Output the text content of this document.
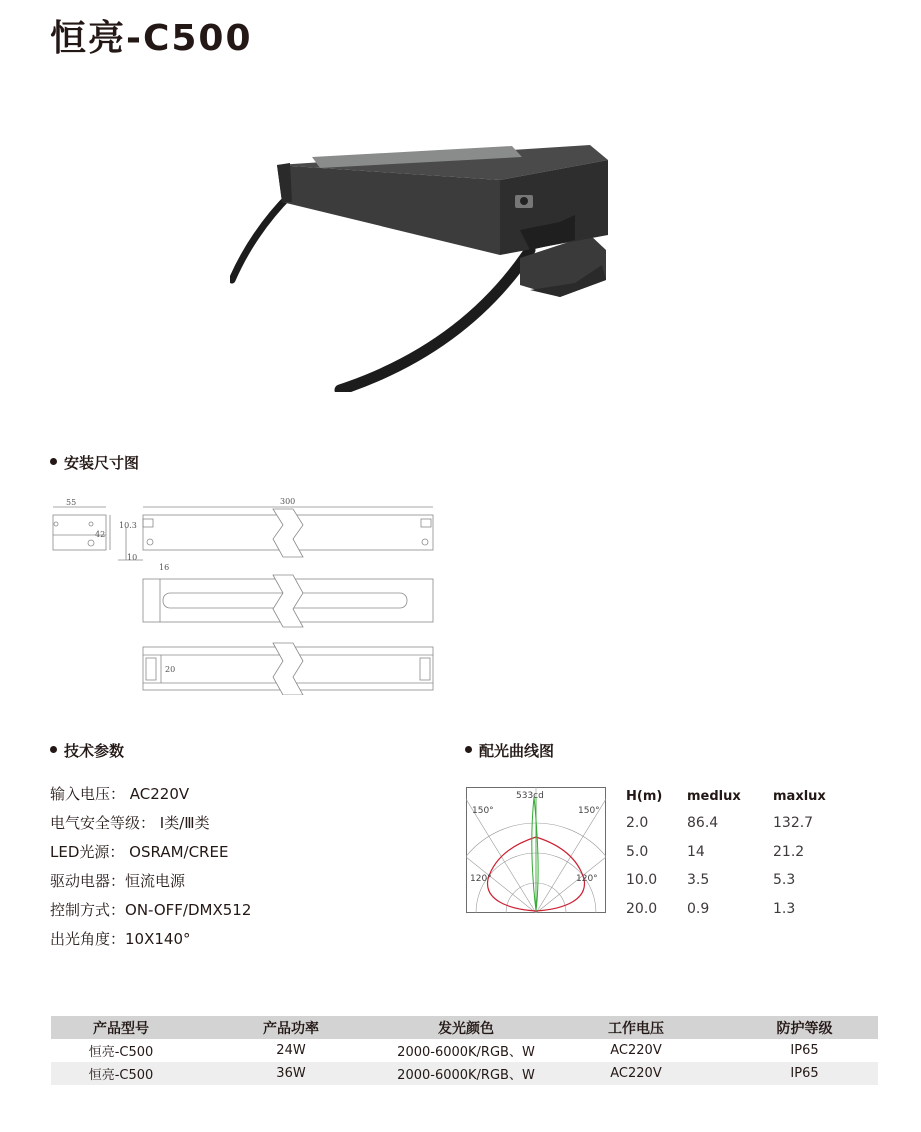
恒亮-C500
安装尺寸图
55	300
42
10.3
10
16
20
技术参数
输入电压： AC220V
电气安全等级： Ⅰ类/Ⅲ类
LED光源： OSRAM/CREE
驱动电器：恒流电源
控制方式：ON-OFF/DMX512
出光角度：10X140°
配光曲线图
533cd
150°	150°
120°	120°
H(m)	medlux	maxlux
2.0	86.4	132.7
5.0	14	21.2
10.0	3.5	5.3
20.0	0.9	1.3
产品型号	产品功率	发光颜色	工作电压	防护等级
恒亮-C500	24W	2000-6000K/RGB、W	AC220V	IP65
恒亮-C500	36W	2000-6000K/RGB、W	AC220V	IP65
